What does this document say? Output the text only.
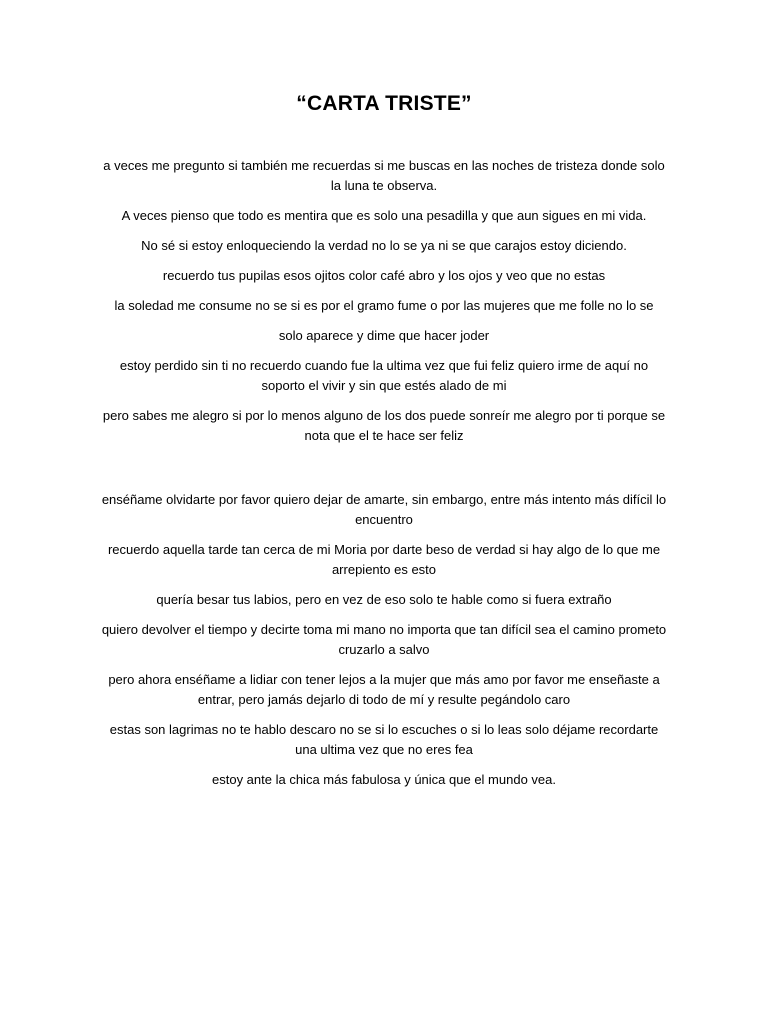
“CARTA TRISTE”

a veces me pregunto si también me recuerdas si me buscas en las noches de tristeza donde solo la luna te observa.

A veces pienso que todo es mentira que es solo una pesadilla y que aun sigues en mi vida.

No sé si estoy enloqueciendo la verdad no lo se ya ni se que carajos estoy diciendo.

recuerdo tus pupilas esos ojitos color café abro y los ojos y veo que no estas

la soledad me consume no se si es por el gramo fume o por las mujeres que me folle no lo se

solo aparece y dime que hacer joder

estoy perdido sin ti no recuerdo cuando fue la ultima vez que fui feliz quiero irme de aquí no soporto el vivir y sin que estés alado de mi

pero sabes me alegro si por lo menos alguno de los dos puede sonreír me alegro por ti porque se nota que el te hace ser feliz

enséñame olvidarte por favor quiero dejar de amarte, sin embargo, entre más intento más difícil lo encuentro

recuerdo aquella tarde tan cerca de mi Moria por darte beso de verdad si hay algo de lo que me arrepiento es esto

quería besar tus labios, pero en vez de eso solo te hable como si fuera extraño

quiero devolver el tiempo y decirte toma mi mano no importa que tan difícil sea el camino prometo cruzarlo a salvo

pero ahora enséñame a lidiar con tener lejos a la mujer que más amo por favor me enseñaste a entrar, pero jamás dejarlo di todo de mí y resulte pegándolo caro

estas son lagrimas no te hablo descaro no se si lo escuches o si lo leas solo déjame recordarte una ultima vez que no eres fea

estoy ante la chica más fabulosa y única que el mundo vea.
